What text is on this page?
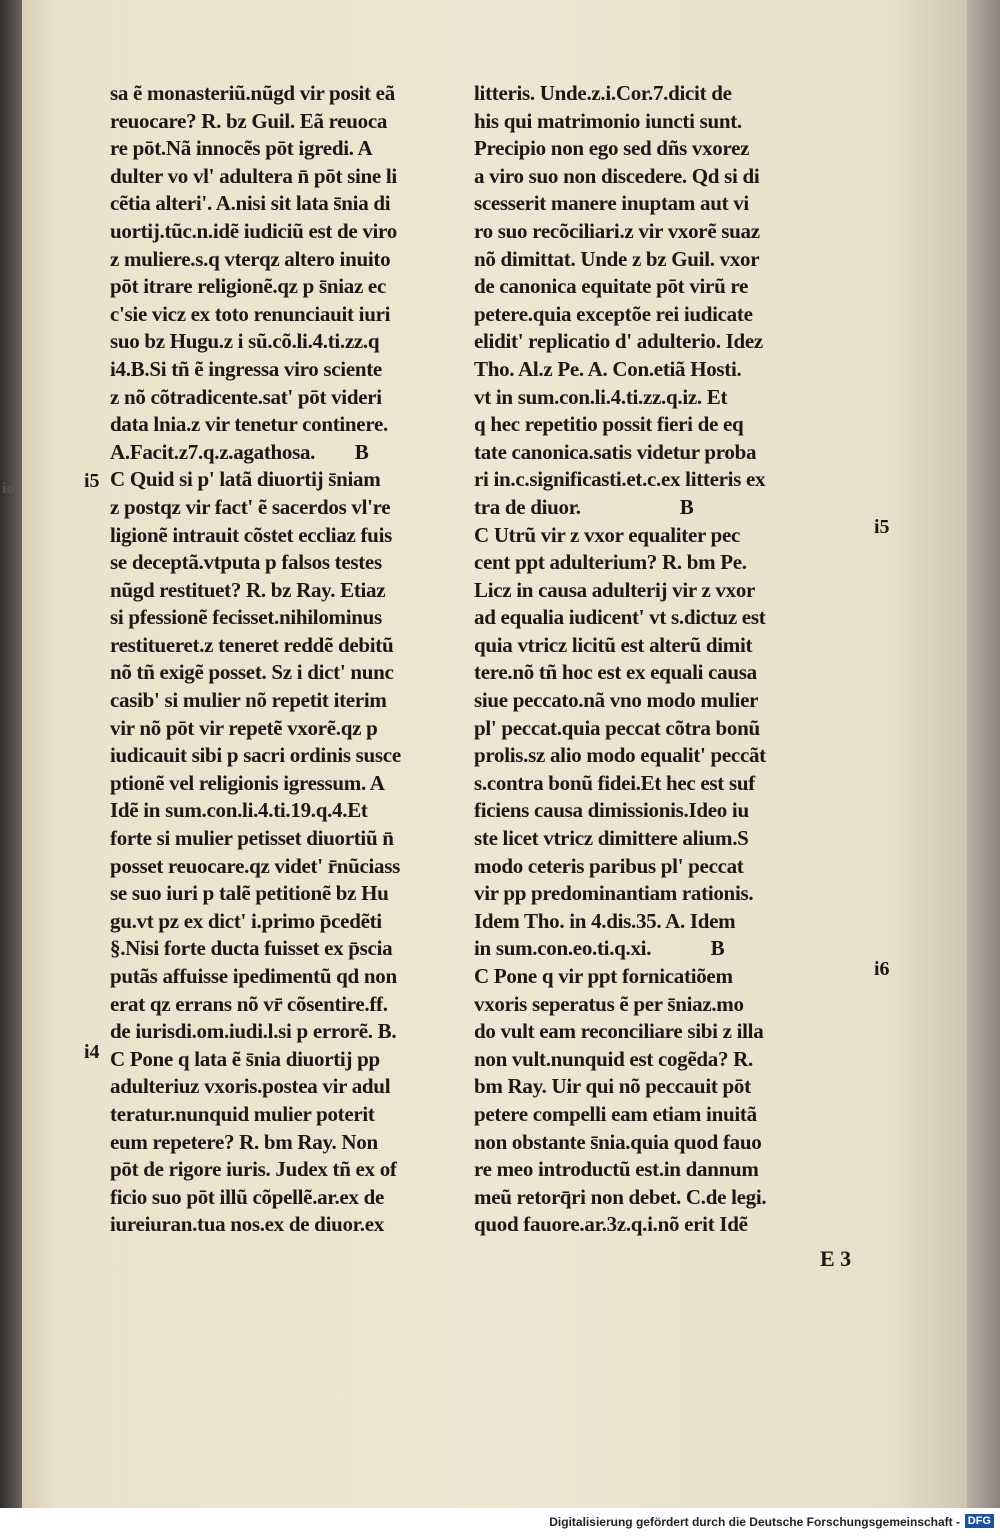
sa ẽ monasteriũ.nũgd vir posit eã
reuocare? R. bz Guil. Eã reuoca
re pōt.Nã innocẽs pōt igredi. A
dulter vo vl' adultera n̄ pōt sine li
cẽtia alteri'. A.nisi sit lata s̄nia di
uortij.tũc.n.idẽ iudiciũ est de viro
z muliere.s.q vterqz altero inuito
pōt itrare religionẽ.qz p s̄niaz ec
c'sie vicz ex toto renunciauit iuri
suo bz Hugu.z i sũ.cõ.li.4.ti.zz.q
i4.B.Si tñ ẽ ingressa viro sciente
z nõ cõtradicente.sat' pōt videri
data lnia.z vir tenetur continere.
A.Facit.z7.q.z.agathosa.        B
C Quid si p' latã diuortij s̄niam
z postqz vir fact' ẽ sacerdos vl're
ligionẽ intrauit cõstet eccliaz fuis
se deceptã.vtputa p falsos testes
nũgd restituet? R. bz Ray. Etiaz
si pfessionẽ fecisset.nihilominus
restitueret.z teneret reddẽ debitũ
nõ tñ exigẽ posset. Sz i dict' nunc
casib' si mulier nõ repetit iterim
vir nõ pōt vir repetẽ vxorẽ.qz p
iudicauit sibi p sacri ordinis susce
ptionẽ vel religionis igressum. A
Idẽ in sum.con.li.4.ti.19.q.4.Et
forte si mulier petisset diuortiũ n̄
posset reuocare.qz videt' r̄nũciass
se suo iuri p talẽ petitionẽ bz Hu
gu.vt pz ex dict' i.primo p̄cedẽti
§.Nisi forte ducta fuisset ex p̄scia
putãs affuisse ipedimentũ qd non
erat qz errans nõ vr̄ cõsentire.ff.
de iurisdi.om.iudi.l.si p errorẽ. B.
C Pone q lata ẽ s̄nia diuortij pp
adulteriuz vxoris.postea vir adul
teratur.nunquid mulier poterit
eum repetere? R. bm Ray. Non
pōt de rigore iuris. Judex tñ ex of
ficio suo pōt illũ cõpellẽ.ar.ex de
iureiuran.tua nos.ex de diuor.ex
litteris. Unde.z.i.Cor.7.dicit de
his qui matrimonio iuncti sunt.
Precipio non ego sed dñs vxorez
a viro suo non discedere. Qd si di
scesserit manere inuptam aut vi
ro suo recõciliari.z vir vxorẽ suaz
nõ dimittat. Unde z bz Guil. vxor
de canonica equitate pōt virũ re
petere.quia exceptõe rei iudicate
elidit' replicatio d' adulterio. Idez
Tho. Al.z Pe. A. Con.etiã Hosti.
vt in sum.con.li.4.ti.zz.q.iz. Et
q hec repetitio possit fieri de eq
tate canonica.satis videtur proba
ri in.c.significasti.et.c.ex litteris ex
tra de diuor.                    B
C Utrũ vir z vxor equaliter pec
cent ppt adulterium? R. bm Pe.
Licz in causa adulterij vir z vxor
ad equalia iudicent' vt s.dictuz est
quia vtricz licitũ est alterũ dimit
tere.nõ tñ hoc est ex equali causa
siue peccato.nã vno modo mulier
pl' peccat.quia peccat cõtra bonũ
prolis.sz alio modo equalit' peccãt
s.contra bonũ fidei.Et hec est suf
ficiens causa dimissionis.Ideo iu
ste licet vtricz dimittere alium.S
modo ceteris paribus pl' peccat
vir pp predominantiam rationis.
Idem Tho. in 4.dis.35. A. Idem
in sum.con.eo.ti.q.xi.            B
C Pone q vir ppt fornicatiõem
vxoris seperatus ẽ per s̄niaz.mo
do vult eam reconciliare sibi z illa
non vult.nunquid est cogẽda? R.
bm Ray. Uir qui nõ peccauit pōt
petere compelli eam etiam inuitã
non obstante s̄nia.quia quod fauo
re meo introductũ est.in dannum
meũ retorq̄ri non debet. C.de legi.
quod fauore.ar.3z.q.i.nõ erit Idẽ
i5
i5
i6
i4
io
E 3
Digitalisierung gefördert durch die Deutsche Forschungsgemeinschaft - DFG
